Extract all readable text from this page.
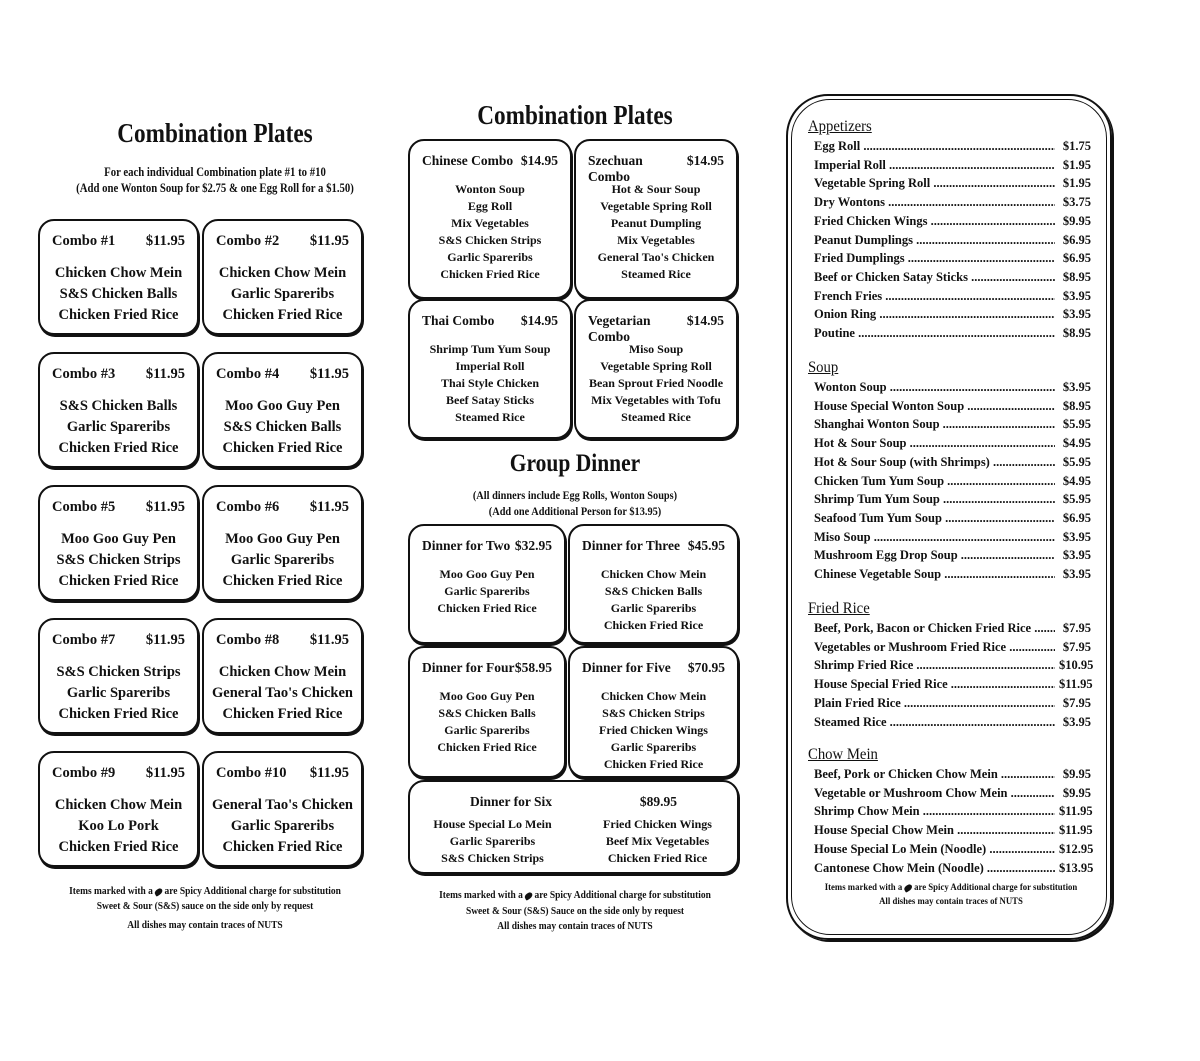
Combination Plates
For each individual Combination plate #1 to #10
(Add one Wonton Soup for $2.75 & one Egg Roll for a $1.50)
Combo #1 $11.95
Chicken Chow Mein
S&S Chicken Balls
Chicken Fried Rice
Combo #2 $11.95
Chicken Chow Mein
Garlic Spareribs
Chicken Fried Rice
Combo #3 $11.95
S&S Chicken Balls
Garlic Spareribs
Chicken Fried Rice
Combo #4 $11.95
Moo Goo Guy Pen
S&S Chicken Balls
Chicken Fried Rice
Combo #5 $11.95
Moo Goo Guy Pen
S&S Chicken Strips
Chicken Fried Rice
Combo #6 $11.95
Moo Goo Guy Pen
Garlic Spareribs
Chicken Fried Rice
Combo #7 $11.95
S&S Chicken Strips
Garlic Spareribs
Chicken Fried Rice
Combo #8 $11.95
Chicken Chow Mein
General Tao's Chicken
Chicken Fried Rice
Combo #9 $11.95
Chicken Chow Mein
Koo Lo Pork
Chicken Fried Rice
Combo #10 $11.95
General Tao's Chicken
Garlic Spareribs
Chicken Fried Rice
Items marked with a are Spicy Additional charge for substitution
Sweet & Sour (S&S) sauce on the side only by request
All dishes may contain traces of NUTS
Combination Plates
Chinese Combo $14.95
Wonton Soup
Egg Roll
Mix Vegetables
S&S Chicken Strips
Garlic Spareribs
Chicken Fried Rice
Szechuan Combo
$14.95
Hot & Sour Soup
Vegetable Spring Roll
Peanut Dumpling
Mix Vegetables
General Tao's Chicken
Steamed Rice
Thai Combo $14.95
Shrimp Tum Yum Soup
Imperial Roll
Thai Style Chicken
Beef Satay Sticks
Steamed Rice
Vegetarian Combo
$14.95
Miso Soup
Vegetable Spring Roll
Bean Sprout Fried Noodle
Mix Vegetables with Tofu
Steamed Rice
Group Dinner
(All dinners include Egg Rolls, Wonton Soups)
(Add one Additional Person for $13.95)
Dinner for Two $32.95
Moo Goo Guy Pen
Garlic Spareribs
Chicken Fried Rice
Dinner for Three $45.95
Chicken Chow Mein
S&S Chicken Balls
Garlic Spareribs
Chicken Fried Rice
Dinner for Four $58.95
Moo Goo Guy Pen
S&S Chicken Balls
Garlic Spareribs
Chicken Fried Rice
Dinner for Five $70.95
Chicken Chow Mein
S&S Chicken Strips
Fried Chicken Wings
Garlic Spareribs
Chicken Fried Rice
Dinner for Six	$89.95
House Special Lo Mein
Garlic Spareribs
S&S Chicken Strips
Fried Chicken Wings
Beef Mix Vegetables
Chicken Fried Rice
Items marked with a are Spicy Additional charge for substitution
Sweet & Sour (S&S) Sauce on the side only by request
All dishes may contain traces of NUTS
Appetizers
Egg Roll .....	$1.75
Imperial Roll .....	$1.95
Vegetable Spring Roll .....	$1.95
Dry Wontons .....	$3.75
Fried Chicken Wings .....	$9.95
Peanut Dumplings .....	$6.95
Fried Dumplings .....	$6.95
Beef or Chicken Satay Sticks .....	$8.95
French Fries .....	$3.95
Onion Ring .....	$3.95
Poutine .....	$8.95
Soup
Wonton Soup .....	$3.95
House Special Wonton Soup .....	$8.95
Shanghai Wonton Soup .....	$5.95
Hot & Sour Soup .....	$4.95
Hot & Sour Soup (with Shrimps) .....	$5.95
Chicken Tum Yum Soup .....	$4.95
Shrimp Tum Yum Soup .....	$5.95
Seafood Tum Yum Soup .....	$6.95
Miso Soup .....	$3.95
Mushroom Egg Drop Soup .....	$3.95
Chinese Vegetable Soup .....	$3.95
Fried Rice
Beef, Pork, Bacon or Chicken Fried Rice .....	$7.95
Vegetables or Mushroom Fried Rice .....	$7.95
Shrimp Fried Rice .....	$10.95
House Special Fried Rice .....	$11.95
Plain Fried Rice .....	$7.95
Steamed Rice .....	$3.95
Chow Mein
Beef, Pork or Chicken Chow Mein .....	$9.95
Vegetable or Mushroom Chow Mein .....	$9.95
Shrimp Chow Mein .....	$11.95
House Special Chow Mein .....	$11.95
House Special Lo Mein (Noodle) .....	$12.95
Cantonese Chow Mein (Noodle) .....	$13.95
Items marked with a are Spicy Additional charge for substitution
All dishes may contain traces of NUTS
